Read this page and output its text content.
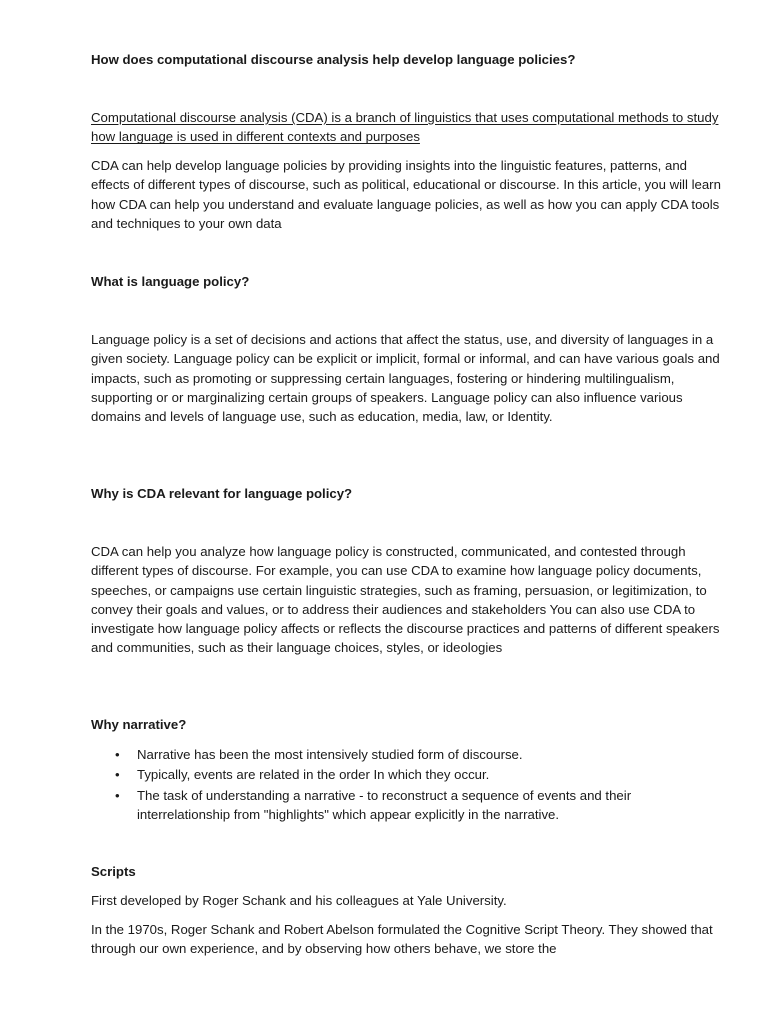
How does computational discourse analysis help develop language policies?

Computational discourse analysis (CDA) is a branch of linguistics that uses computational methods to study how language is used in different contexts and purposes

CDA can help develop language policies by providing insights into the linguistic features, patterns, and effects of different types of discourse, such as political, educational or discourse. In this article, you will learn how CDA can help you understand and evaluate language policies, as well as how you can apply CDA tools and techniques to your own data

What is language policy?

Language policy is a set of decisions and actions that affect the status, use, and diversity of languages in a given society. Language policy can be explicit or implicit, formal or informal, and can have various goals and impacts, such as promoting or suppressing certain languages, fostering or hindering multilingualism, supporting or or marginalizing certain groups of speakers. Language policy can also influence various domains and levels of language use, such as education, media, law, or Identity.

Why is CDA relevant for language policy?

CDA can help you analyze how language policy is constructed, communicated, and contested through different types of discourse. For example, you can use CDA to examine how language policy documents, speeches, or campaigns use certain linguistic strategies, such as framing, persuasion, or legitimization, to convey their goals and values, or to address their audiences and stakeholders You can also use CDA to investigate how language policy affects or reflects the discourse practices and patterns of different speakers and communities, such as their language choices, styles, or ideologies

Why narrative?

• Narrative has been the most intensively studied form of discourse.
• Typically, events are related in the order In which they occur.
• The task of understanding a narrative - to reconstruct a sequence of events and their interrelationship from "highlights" which appear explicitly in the narrative.

Scripts

First developed by Roger Schank and his colleagues at Yale University.

In the 1970s, Roger Schank and Robert Abelson formulated the Cognitive Script Theory. They showed that through our own experience, and by observing how others behave, we store the
